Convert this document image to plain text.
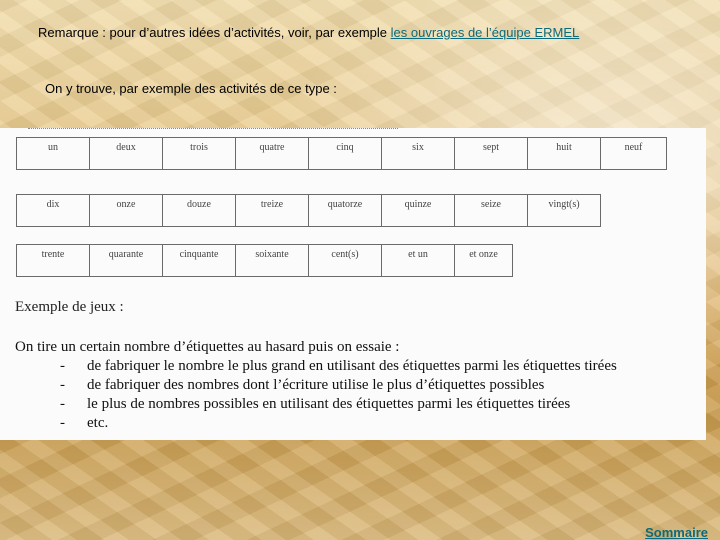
Remarque : pour d’autres idées d’activités, voir, par exemple les ouvrages de l’équipe ERMEL
On y trouve, par exemple des activités de ce type :
un	deux	trois	quatre	cinq	six	sept	huit	neuf
dix	onze	douze	treize	quatorze	quinze	seize	vingt(s)
trente	quarante	cinquante	soixante	cent(s)	et un	et onze
Exemple de jeux :
On tire un certain nombre d’étiquettes au hasard puis on essaie :
- de fabriquer le nombre le plus grand en utilisant des étiquettes parmi les étiquettes tirées
- de fabriquer des nombres dont l’écriture utilise le plus d’étiquettes possibles
- le plus de nombres possibles en utilisant des étiquettes parmi les étiquettes tirées
- etc.
Sommaire
